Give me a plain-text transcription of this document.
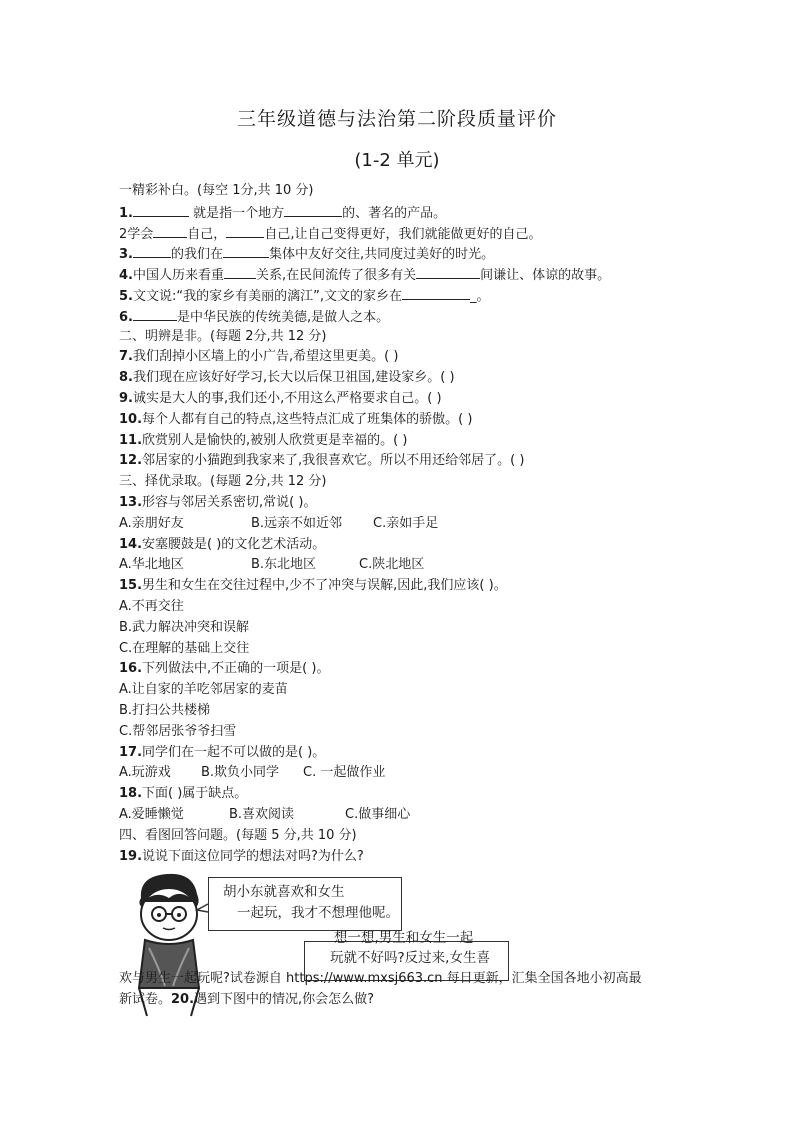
三年级道德与法治第二阶段质量评价
(1-2 单元)
一精彩补白。(每空 1分,共 10 分)
1.	就是指一个地方	的、著名的产品。
2学会	自己，	自己,让自己变得更好，我们就能做更好的自己。
3.	的我们在	集体中友好交往,共同度过美好的时光。
4.中国人历来看重 关系,在民间流传了很多有关	间谦让、体谅的故事。
5.文文说:“我的家乡有美丽的漓江”,文文的家乡在	_。
6.	是中华民族的传统美德,是做人之本。
二、明辨是非。(每题 2分,共 12 分)
7.我们刮掉小区墙上的小广告,希望这里更美。( )
8.我们现在应该好好学习,长大以后保卫祖国,建设家乡。( )
9.诚实是大人的事,我们还小,不用这么严格要求自己。( )
10.每个人都有自己的特点,这些特点汇成了班集体的骄傲。( )
11.欣赏别人是愉快的,被别人欣赏更是幸福的。( )
12.邻居家的小猫跑到我家来了,我很喜欢它。所以不用还给邻居了。( )
三、择优录取。(每题 2分,共 12 分)
13.形容与邻居关系密切,常说( )。
A.亲朋好友	B.远亲不如近邻 C.亲如手足
14.安塞腰鼓是( )的文化艺术活动。
A.华北地区	B.东北地区	C.陕北地区
15.男生和女生在交往过程中,少不了冲突与误解,因此,我们应该( )。
A.不再交往
B.武力解决冲突和误解
C.在理解的基础上交往
16.下列做法中,不正确的一项是( )。
A.让自家的羊吃邻居家的麦苗
B.打扫公共楼梯
C.帮邻居张爷爷扫雪
17.同学们在一起不可以做的是( )。
A.玩游戏 B.欺负小同学 C. 一起做作业
18.下面( )属于缺点。
A.爱睡懒觉	B.喜欢阅读	C.做事细心
四、看图回答问题。(每题 5 分,共 10 分)
19.说说下面这位同学的想法对吗?为什么?
胡小东就喜欢和女生
一起玩，我才不想理他呢。
想一想,男生和女生一起
玩就不好吗?反过来,女生喜
欢与男生一起玩呢?试卷源自 https://www.mxsj663.cn 每日更新，汇集全国各地小初高最
新试卷。20.遇到下图中的情况,你会怎么做?
